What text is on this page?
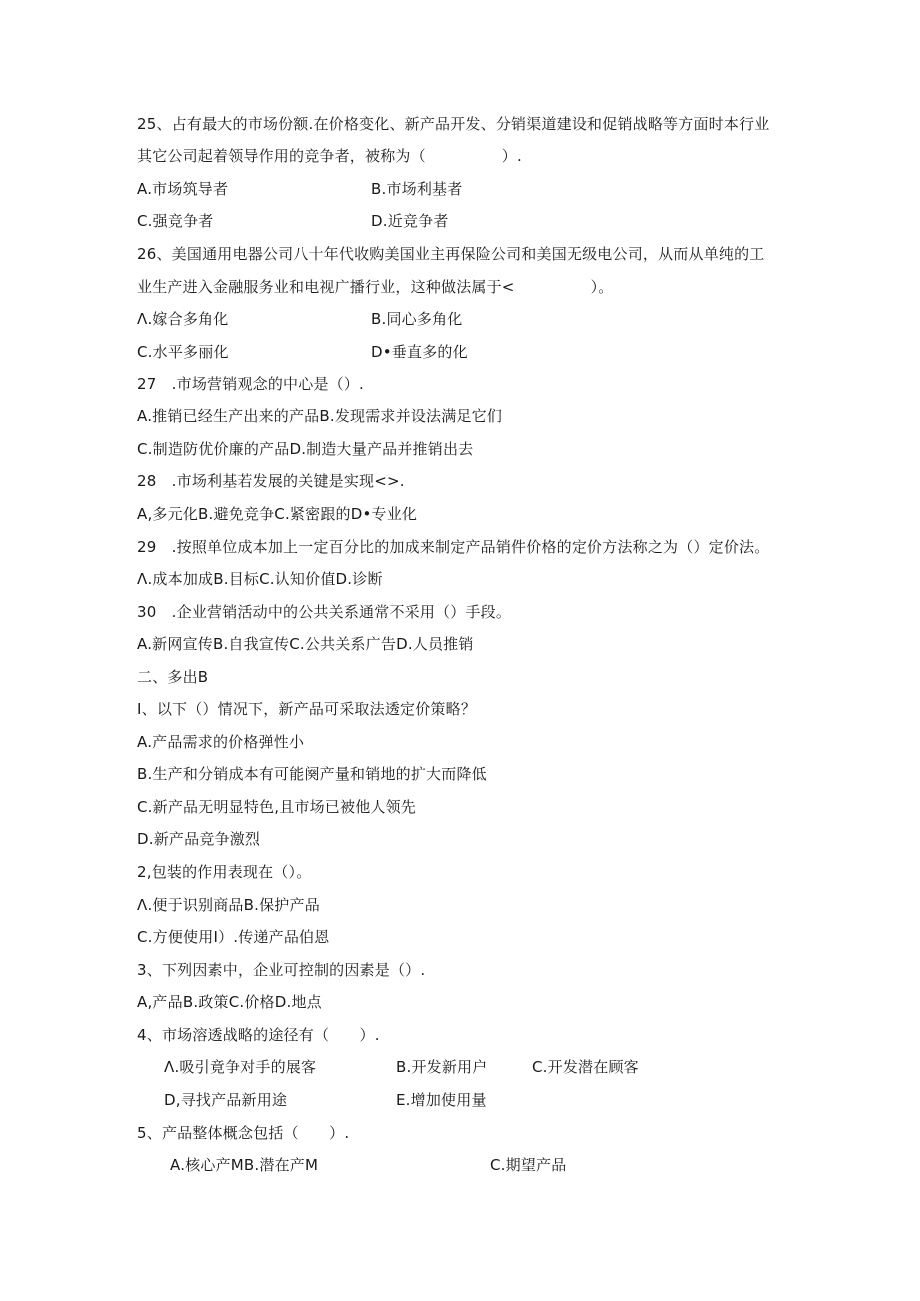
25、占有最大的市场份额.在价格变化、新产品开发、分销渠道建设和促销战略等方面时本行业
其它公司起着领导作用的竞争者，被称为（　　　　　）.
A.市场筑导者	B.市场利基者
C.强竞争者	D.近竞争者
26、美国通用电器公司八十年代收购美国业主再保险公司和美国无级电公司，从而从单纯的工
业生产进入金融服务业和电视广播行业，这种做法属于<　　　　　）。
Λ.嫁合多角化	B.同心多角化
C.水平多丽化	D•垂直多的化
27　.市场营销观念的中心是（）.
A.推销已经生产出来的产品B.发现需求并设法满足它们
C.制造防优价廉的产品D.制造大量产品并推销出去
28　.市场利基若发展的关键是实现<>.
A,多元化B.避免竞争C.紧密跟的D•专业化
29　.按照单位成本加上一定百分比的加成来制定产品销件价格的定价方法称之为（）定价法。
Λ.成本加成B.目标C.认知价值D.诊断
30　.企业营销活动中的公共关系通常不采用（）手段。
A.新网宣传B.自我宣传C.公共关系广告D.人员推销
二、多出B
I、以下（）情况下，新产品可采取法透定价策略？
A.产品需求的价格弹性小
B.生产和分销成本有可能阕产量和销地的扩大而降低
C.新产品无明显特色,且市场已被他人领先
D.新产品竞争激烈
2,包装的作用表现在（）。
Λ.便于识别商品B.保护产品
C.方便使用I）.传递产品伯恩
3、下列因素中，企业可控制的因素是（）.
A,产品B.政策C.价格D.地点
4、市场溶透战略的途径有（　　）.
Λ.吸引竟争对手的展客	B.开发新用户	C.开发潜在顾客
D,寻找产品新用途	E.增加使用量
5、产品整体概念包括（　　）.
A.核心产MB.潜在产M	C.期望产品
